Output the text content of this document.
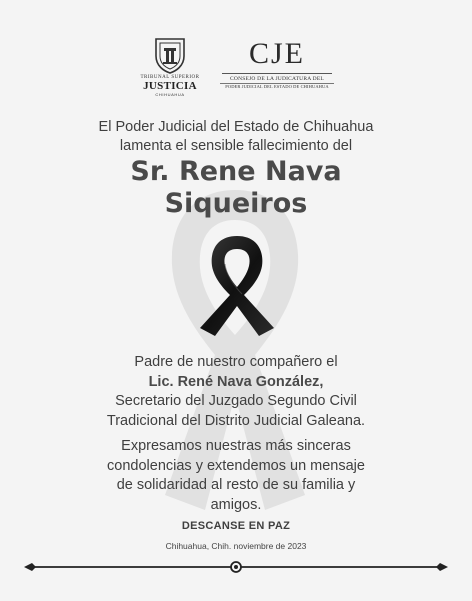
TRIBUNAL SUPERIOR
JUSTICIA
CHIHUAHUA
CJE
CONSEJO DE LA JUDICATURA DEL
PODER JUDICIAL DEL ESTADO DE CHIHUAHUA
El Poder Judicial del Estado de Chihuahua
lamenta el sensible fallecimiento del
Sr. Rene Nava
Siqueiros
Padre de nuestro compañero el
Lic. René Nava González,
Secretario del Juzgado Segundo Civil
Tradicional del Distrito Judicial Galeana.
Expresamos nuestras más sinceras
condolencias y extendemos un mensaje
de solidaridad al resto de su familia y
amigos.
DESCANSE EN PAZ
Chihuahua, Chih. noviembre de 2023
